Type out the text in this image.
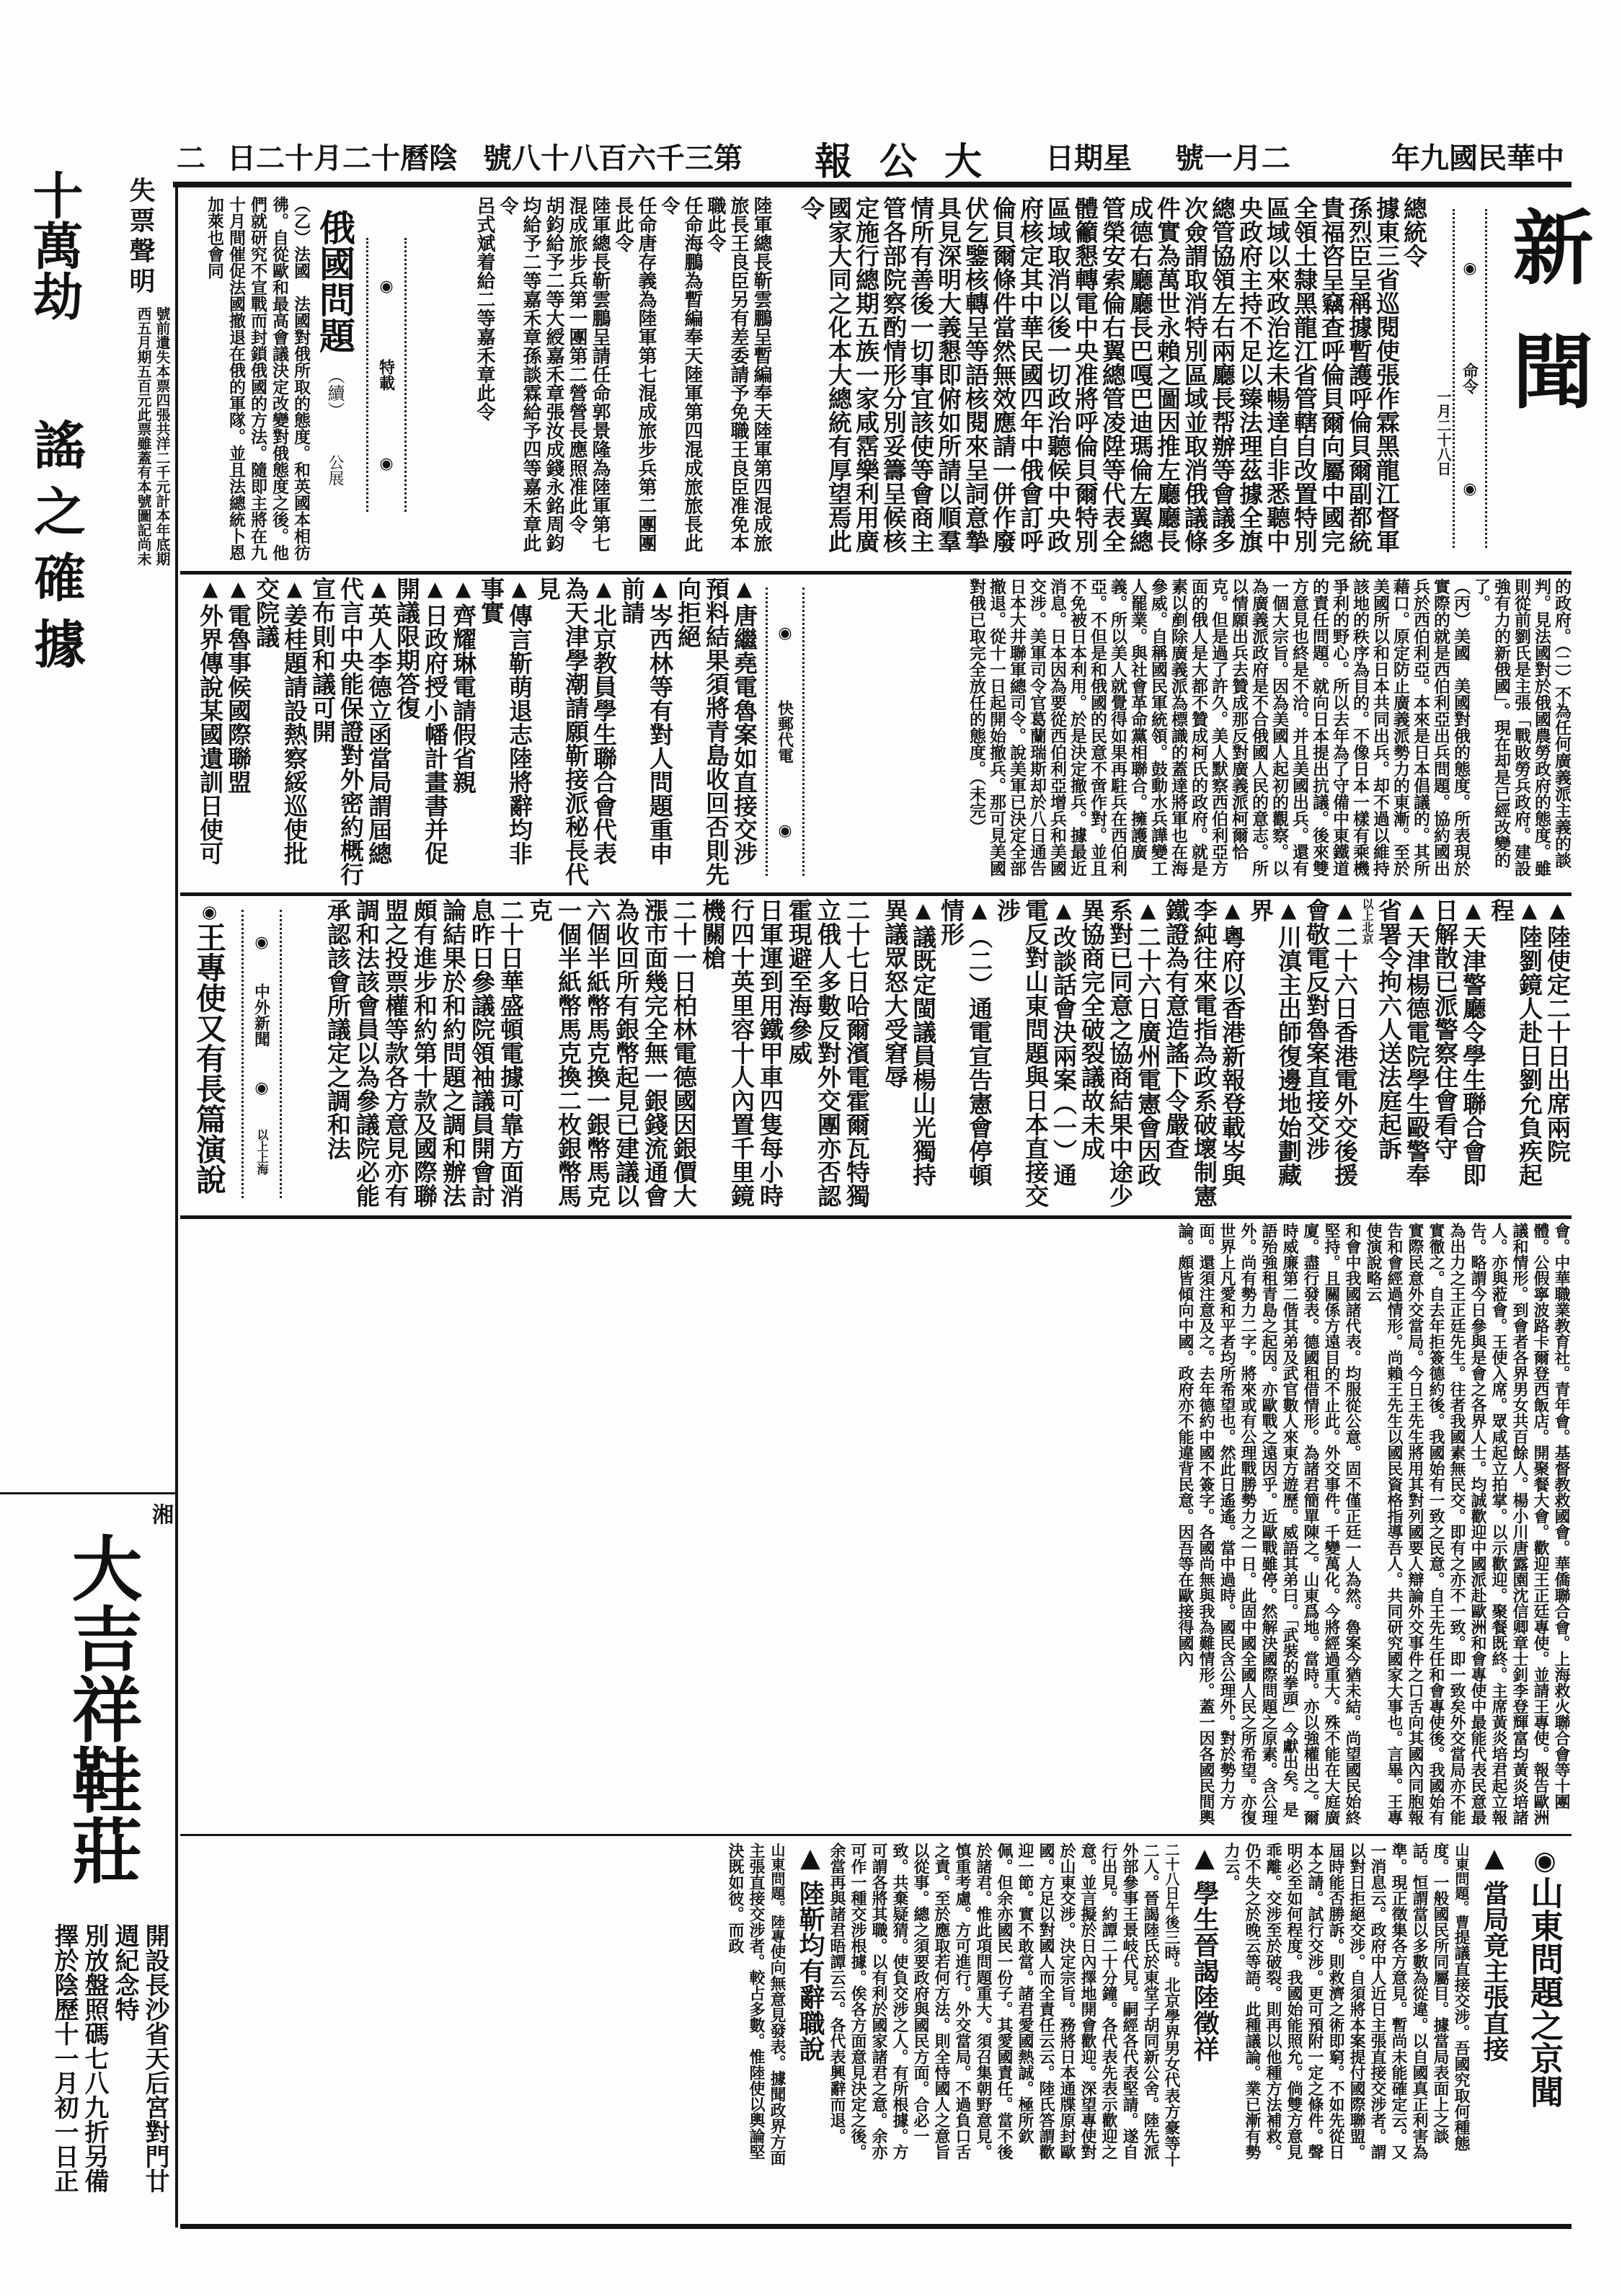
中華民國九年
二月一號
星期日
大公報
第三千六百八十八號
陰曆十二月十二日
二
十萬劫 失票聲明

號前遺失本票四張共洋二千元計本年底期

西五月期五百元此票雖蓋有本號圖記尚未

謠之確據
湘
大吉祥鞋莊

開設長沙省天后宮對門廿週紀念特

別放盤照碼七八九折另備

擇於陰歷十一月初一日正

新聞
◉
命令
◉
一月二十八日

總統令

據東三省巡閱使張作霖黑龍江督軍孫烈臣呈稱據暫護呼倫貝爾副都統貴福咨呈竊查呼倫貝爾向屬中國完全領土隸黑龍江省管轄自改置特別區域以來政治迄未暢達自非悉聽中央政府主持不足以臻法理茲據全旗總管協領左右兩廳長帮辦等會議多次僉謂取消特別區域並取消俄議條件實為萬世永賴之圖因推左廳廳長成德右廳廳長巴嘎巴迪瑪倫左翼總管榮安索倫右翼總管凌陞等代表全體籲懇轉電中央准將呼倫貝爾特別區域取消以後一切政治聽候中央政府核定其中華民國四年中俄會訂呼倫貝爾條件當然無效應請一併作廢伏乞鑒核轉呈等語核閱來呈詞意摯具見深明大義懇即俯如所請以順羣情所有善後一切事宜該使等會商主管各部院察酌情形分別妥籌呈候核定施行總期五族一家咸霑樂利用廣國家大同之化本大總統有厚望焉此令

陸軍總長靳雲鵬呈暫編奉天陸軍第四混成旅旅長王良臣另有差委請予免職王良臣准免本職此令

任命海鵬為暫編奉天陸軍第四混成旅旅長此令

任命唐存義為陸軍第七混成旅步兵第二團團長此令

陸軍總長靳雲鵬呈請任命郭景隆為陸軍第七混成旅步兵第一團第二營營長應照准此令

胡鈞給予二等大綬嘉禾章張汝成錢永銘周鈞均給予二等嘉禾章孫談霖給予四等嘉禾章此令

呂式斌着給二等嘉禾章此令

◉
特載
◉
俄國問題 （續） 公展

（乙）法國　法國對俄所取的態度。和英國本相彷彿。自從歐和最高會議決定改變對俄態度之後。他們就研究不宣戰而封鎖俄國的方法。隨即主將在九十月間催促法國撤退在俄的軍隊。並且法總統卜恩加萊也會同

的政府。（二）不為任何廣義派主義的談判。見法國對於俄國農勞政府的態度。雖則從前劉氏是主張「戰敗勞兵政府。建設強有力的新俄國」。現在却是已經改變的了。

（丙）美國　美國對俄的態度。所表現於實際的就是西伯利亞出兵問題。協約國出兵於西伯利亞。本來是日本倡議的。其所藉口。原定防止廣義派勢力的東漸。至於美國所以和日本共同出兵。却不過以維持該地的秩序為目的。不像日本一樣有乘機爭利的野心。所以去年為了守備中東鐵道的責任問題。就向日本提出抗議。後來雙方意見也終是不洽。并且美國出兵。還有一個大宗旨。因為美國人起初的觀察。以為廣義派政府是不合俄國人民的意志。所以情願出兵去贊成那反對廣義派柯爾恰克。但是過了許久。美人默察西伯利亞方面的俄人是大都不贊成柯氏的政府。就是素以剷除廣義派為標識的蓋達將軍也在海參威。自稱國民軍統領。鼓動水兵譁變工人罷業。與社會革命黨相聯合。擁護廣義。所以美人就覺得如果再駐兵在西伯利亞。不但是和俄國的民意不啻作對。並且不免被日本利用。於是決定撤兵。據最近消息。日本因為要從西伯利亞增兵和美國交涉。美軍司令官葛蘭瑞斯却於八日通告日本大井聯軍總司令。說美軍已決定全部撤退。從十一日起開始撤兵。那可見美國對俄已取完全放任的態度。（未完）

◉
快郵代電
◉
▲ 唐繼堯電魯案如直接交涉預料結果須將青島收回否則先向拒絕
▲ 岑西林等有對人問題重申前請
▲ 北京教員學生聯合會代表為天津學潮請願靳接派秘長代見
▲ 傳言靳萌退志陸將辭均非事實
▲ 齊耀琳電請假省親
▲ 日政府授小幡計畫書并促開議限期答復
▲ 英人李德立函當局謂屆總代言中央能保證對外密約概行宣布則和議可開
▲ 姜桂題請設熱察綏巡使批交院議
▲ 電魯事候國際聯盟
▲ 外界傳說某國遺訓日使可
▲ 陸使定二十日出席兩院
▲ 陸劉鏡人赴日劉允負疾起程
▲ 天津警廳令學生聯合會即日解散已派警察住會看守
▲ 天津楊德電院學生毆警奉省署令拘六人送法庭起訴
以上北京
▲ 二十六日香港電外交後援會敬電反對魯案直接交涉
▲ 川滇主出師復邊地始劃藏界
▲ 粵府以香港新報登載岑與李純往來電指為政系破壞制憲鐵證為有意造謠下令嚴查
▲ 二十六日廣州電憲會因政系對已同意之協商結果中途少異協商完全破裂議故未成
▲ 改談話會決兩案（一）通電反對山東問題與日本直接交涉
▲ （二）通電宣告憲會停頓情形
▲ 議既定閩議員楊山光獨持異議眾怒大受窘辱

二十七日哈爾濱電霍爾瓦特獨立俄人多數反對外交團亦否認霍現避至海參威

日軍運到用鐵甲車四隻每小時行四十英里容十人內置千里鏡機關槍

二十一日柏林電德國因銀價大漲市面幾完全無一銀錢流通會為收回所有銀幣起見已建議以六個半紙幣馬克換一銀幣馬克一個半紙幣馬克換二枚銀幣馬克

二十日華盛頓電據可靠方面消息昨日參議院領袖議員開會討論結果於和約問題之調和辦法頗有進步和約第十款及國際聯盟之投票權等款各方意見亦有調和法該會員以為參議院必能承認該會所議定之調和法

◉
中外新聞
◉
以上上海
◉王專使又有長篇演說

會。中華職業教育社。青年會。基督教救國會。華僑聯合會。上海救火聯合會等十團體。公假寧波路卡爾登西飯店。開聚餐大會。歡迎王正廷專使。並請王專使。報告歐洲議和情形。到會者各界男女共百餘人。楊小川唐露園沈信卿章士釗李登輝富均黃炎培諸人。亦與蒞會。王使入席。眾咸起立拍掌。以示歡迎。聚餐既終。主席黃炎培君起立報告。略謂今日參與是會之各界人士。均誠歡迎中國派赴歐洲和會專使中最能代表民意最為出力之王正廷先生。往者我國素無民交。即有之亦不一致。即一致矣外交當局亦不能實徹之。自去年拒簽德約後。我國始有一致之民意。自王先生任和會專使後。我國始有實際民意外交當局。今日王先生將用其對列國要人辯論外交事件之口舌向其國內同胞報告和會經過情形。尚賴王先生以國民資格指導吾人。共同研究國家大事也。言畢。王專使演說略云

和會中我國諸代表。均服從公意。固不僅正廷一人為然。魯案今猶未結。尚望國民始終堅持。且關係方遠目的不止此。外交事件。千變萬化。今將經過重大。殊不能在大庭廣廈。盡行發表。德國租借情形。為諸君簡單陳之。山東爲地。當時。亦以強權出之。爾時威廉第二偕其弟及武官數人來東方遊歷。威語其弟曰。「武裝的拳頭」今獻出矣。是語殆強租青島之起因。亦歐戰之遠因乎。近歐戰雖停。然解決國際問題之原素。含公理外。尚有勢力二字。將來或有公理戰勝勢力之一日。此固中國全國人民之所希望。亦復世界上凡愛和平者均所希望也。然此日遙遙。當中過時。國民含公理外。對於勢力方面。還須注意及之。去年德約中國不簽字。各國尚無與我為難情形。蓋一因各國民間輿論。頗皆傾向中國。政府亦不能違背民意。因吾等在歐接得國內

◉山東問題之京聞
▲ 當局竟主張直接

山東問題。曹提議直接交涉。吾國究取何種態度。一般國民所同屬目。據當局表面上之談話。恒謂當以多數為從違。以自國真正利害為準。現正徵集各方意見。暫尚未能確定云。又一消息云。政府中人近日主張直接交涉者。謂以對日拒絕交涉。自須將本案提付國際聯盟。屆時能否勝訴。則救濟之術即窮。不如先從日本之請。試行交涉。更可預附一定之條件。聲明必至如何程度。我國始能照允。倘雙方意見乖離。交涉至於破裂。則再以他種方法補救。仍不失之於晚云等語。此種議論。業已漸有勢力云。

▲ 學生晉謁陸徵祥

二十八日午後三時。北京學界男女代表方豪等十二人。晉謁陸氏於東堂子胡同新公舍。陸先派外部參事王景岐代見。嗣經各代表堅請。遂自行出見。約譚二十分鐘。各代表先表示歡迎之意。並言擬於日內擇地開會歡迎。深望專使對於山東交涉。決定宗旨。務將日本通牒原封歐國。方足以對國人而全責任云云。陸氏答謂歡迎一節。實不敢當。諸君愛國熱誠。極所欽佩。但余亦國民一份子。其愛國責任。當不後於諸君。惟此項問題重大。須召集朝野意見。慎重考慮。方可進行。外交當局。不過負口舌之責。至於應取若何方法。則全恃國人之意旨以從事。總之須要政府與國民方面。合必一致。共棄疑猜。使負交涉之人。有所根據。方可謂各將其職。以有利於國家諸君之意。余亦可作一種交涉根據。俟各方面意見決定之後。余當再與諸君晤譚云云。各代表興辭而退。

▲ 陸靳均有辭職說

山東問題。陸專使向無意見發表。據聞政界方面主張直接交涉者。較占多數。惟陸使以輿論堅決既如彼。而政
